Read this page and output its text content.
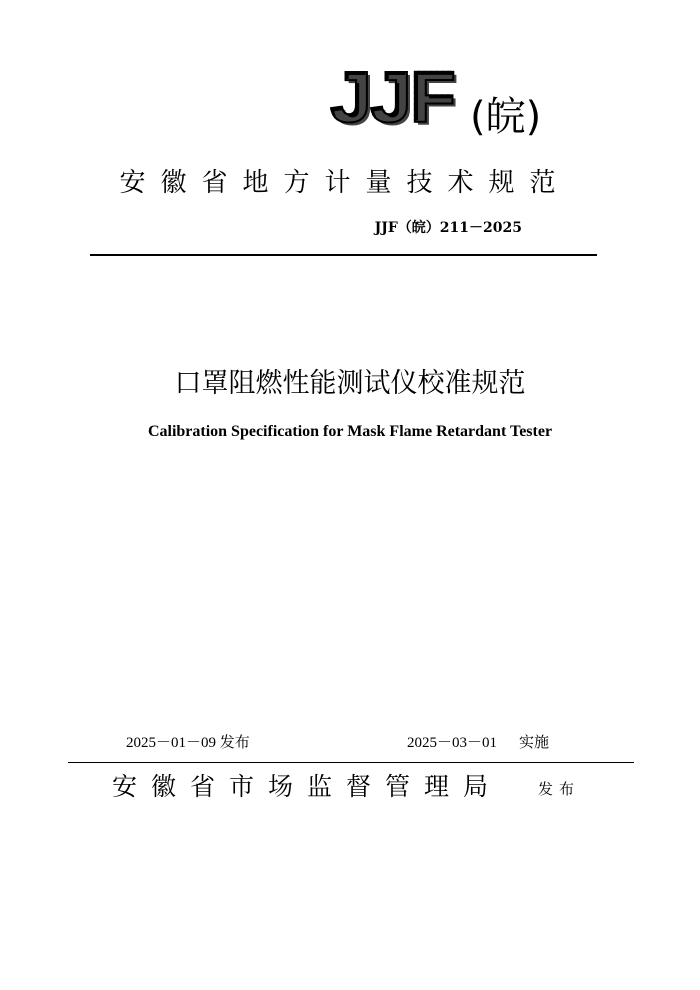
JJF (皖)
安徽省地方计量技术规范
JJF（皖）211－2025
口罩阻燃性能测试仪校准规范
Calibration Specification for Mask Flame Retardant Tester
2025－01－09 发布	2025－03－01 实施
安徽省市场监督管理局 发布
